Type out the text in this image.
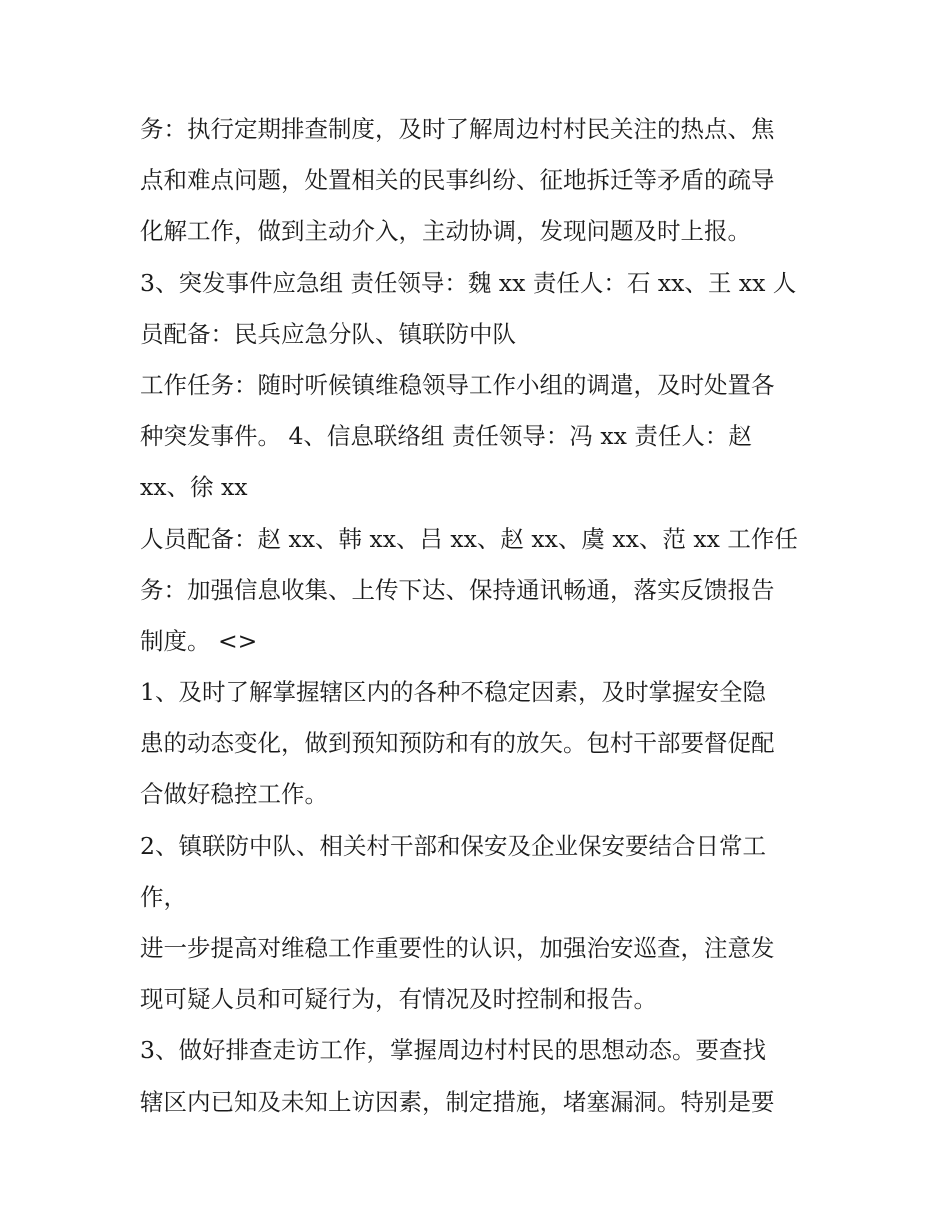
务：执行定期排查制度，及时了解周边村村民关注的热点、焦
点和难点问题，处置相关的民事纠纷、征地拆迁等矛盾的疏导
化解工作，做到主动介入，主动协调，发现问题及时上报。
3、突发事件应急组 责任领导：魏 xx 责任人：石 xx、王 xx 人
员配备：民兵应急分队、镇联防中队
工作任务：随时听候镇维稳领导工作小组的调遣，及时处置各
种突发事件。 4、信息联络组 责任领导：冯 xx 责任人：赵
xx、徐 xx
人员配备：赵 xx、韩 xx、吕 xx、赵 xx、虞 xx、范 xx 工作任
务：加强信息收集、上传下达、保持通讯畅通，落实反馈报告
制度。 <>
1、及时了解掌握辖区内的各种不稳定因素，及时掌握安全隐
患的动态变化，做到预知预防和有的放矢。包村干部要督促配
合做好稳控工作。
2、镇联防中队、相关村干部和保安及企业保安要结合日常工
作，
进一步提高对维稳工作重要性的认识，加强治安巡查，注意发
现可疑人员和可疑行为，有情况及时控制和报告。
3、做好排查走访工作，掌握周边村村民的思想动态。要查找
辖区内已知及未知上访因素，制定措施，堵塞漏洞。特别是要
